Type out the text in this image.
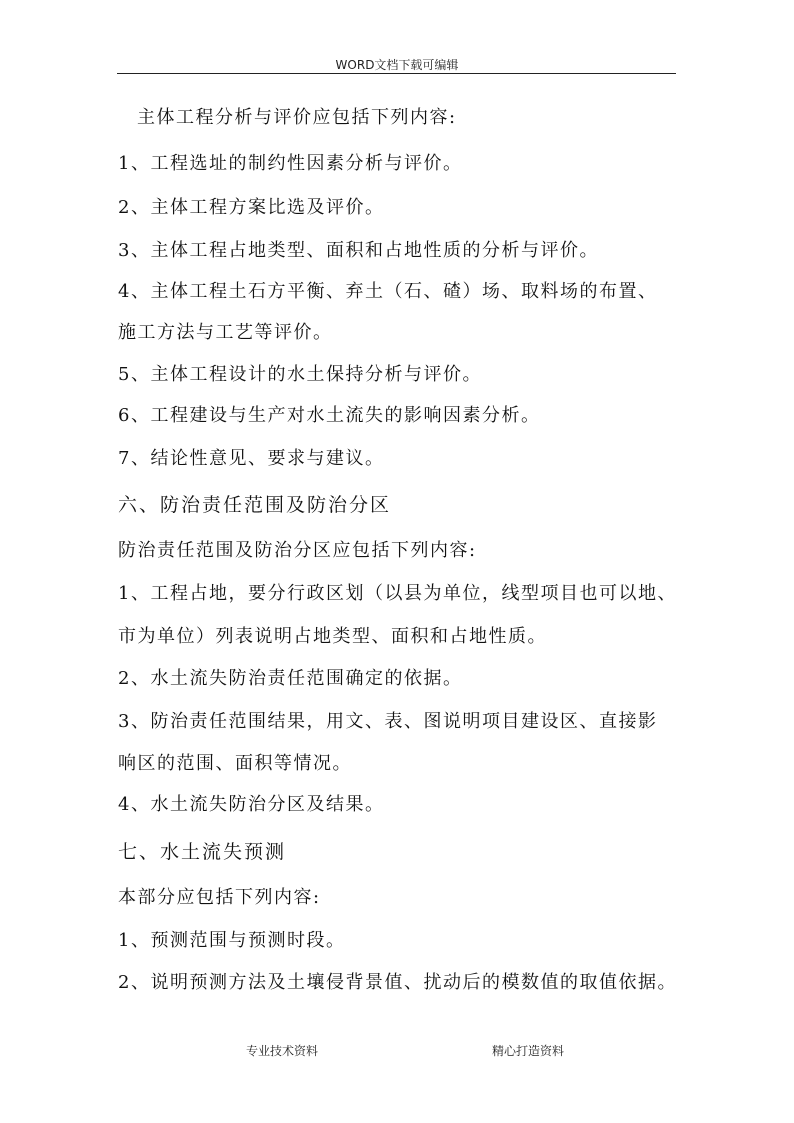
WORD文档下载可编辑
主体工程分析与评价应包括下列内容:
1、工程选址的制约性因素分析与评价。
2、主体工程方案比选及评价。
3、主体工程占地类型、面积和占地性质的分析与评价。
4、主体工程土石方平衡、弃土（石、碴）场、取料场的布置、
施工方法与工艺等评价。
5、主体工程设计的水土保持分析与评价。
6、工程建设与生产对水土流失的影响因素分析。
7、结论性意见、要求与建议。
六、防治责任范围及防治分区
防治责任范围及防治分区应包括下列内容:
1、工程占地，要分行政区划（以县为单位，线型项目也可以地、
市为单位）列表说明占地类型、面积和占地性质。
2、水土流失防治责任范围确定的依据。
3、防治责任范围结果，用文、表、图说明项目建设区、直接影
响区的范围、面积等情况。
4、水土流失防治分区及结果。
七、水土流失预测
本部分应包括下列内容:
1、预测范围与预测时段。
2、说明预测方法及土壤侵背景值、扰动后的模数值的取值依据。
专业技术资料	精心打造资料
